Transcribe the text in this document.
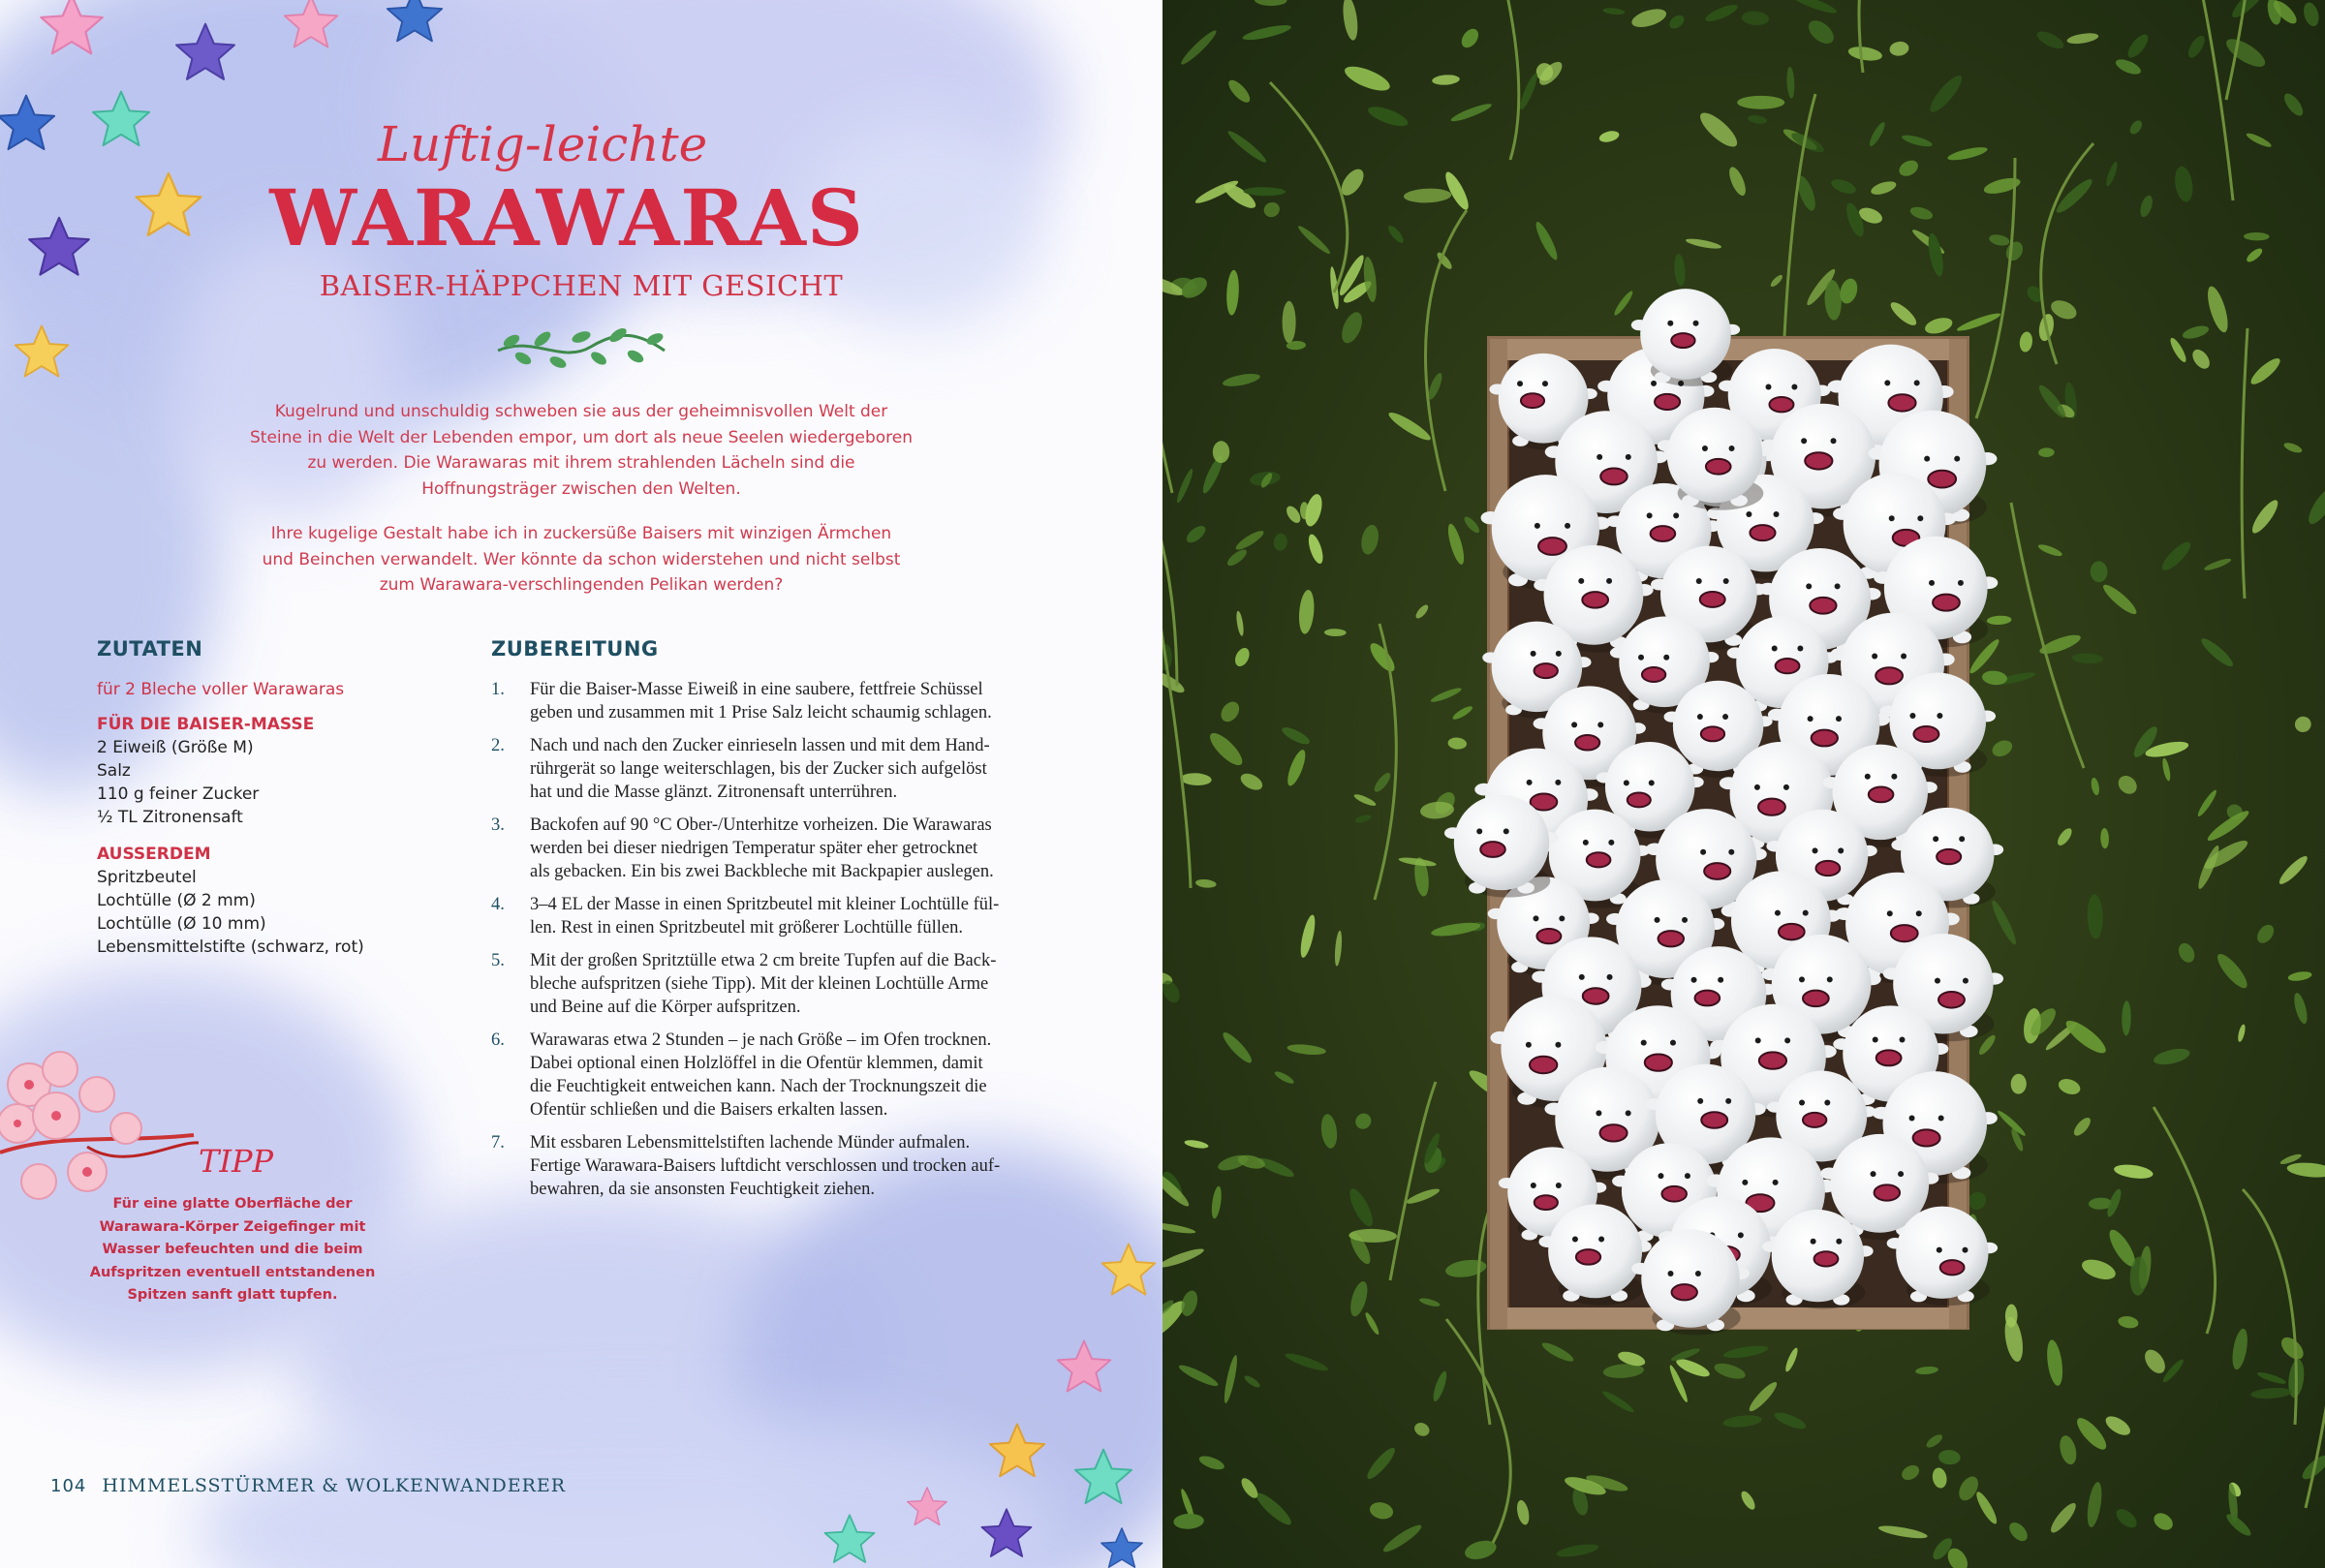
Luftig-leichte
WARAWARAS
BAISER-HÄPPCHEN MIT GESICHT

Kugelrund und unschuldig schweben sie aus der geheimnisvollen Welt der

Steine in die Welt der Lebenden empor, um dort als neue Seelen wiedergeboren

zu werden. Die Warawaras mit ihrem strahlenden Lächeln sind die

Hoffnungsträger zwischen den Welten.

Ihre kugelige Gestalt habe ich in zuckersüße Baisers mit winzigen Ärmchen

und Beinchen verwandelt. Wer könnte da schon widerstehen und nicht selbst

zum Warawara-verschlingenden Pelikan werden?

ZUTATEN
für 2 Bleche voller Warawaras
FÜR DIE BAISER-MASSE
2 Eiweiß (Größe M)
Salz
110 g feiner Zucker
½ TL Zitronensaft
AUSSERDEM
Spritzbeutel
Lochtülle (Ø 2 mm)
Lochtülle (Ø 10 mm)
Lebensmittelstifte (schwarz, rot)
ZUBEREITUNG
1. Für die Baiser-Masse Eiweiß in eine saubere, fettfreie Schüssel
geben und zusammen mit 1 Prise Salz leicht schaumig schlagen.
2. Nach und nach den Zucker einrieseln lassen und mit dem Hand-
rührgerät so lange weiterschlagen, bis der Zucker sich aufgelöst
hat und die Masse glänzt. Zitronensaft unterrühren.
3. Backofen auf 90 °C Ober-/Unterhitze vorheizen. Die Warawaras
werden bei dieser niedrigen Temperatur später eher getrocknet
als gebacken. Ein bis zwei Backbleche mit Backpapier auslegen.
4. 3–4 EL der Masse in einen Spritzbeutel mit kleiner Lochtülle fül-
len. Rest in einen Spritzbeutel mit größerer Lochtülle füllen.
5. Mit der großen Spritztülle etwa 2 cm breite Tupfen auf die Back-
bleche aufspritzen (siehe Tipp). Mit der kleinen Lochtülle Arme
und Beine auf die Körper aufspritzen.
6. Warawaras etwa 2 Stunden – je nach Größe – im Ofen trocknen.
Dabei optional einen Holzlöffel in die Ofentür klemmen, damit
die Feuchtigkeit entweichen kann. Nach der Trocknungszeit die
Ofentür schließen und die Baisers erkalten lassen.
7. Mit essbaren Lebensmittelstiften lachende Münder aufmalen.
Fertige Warawara-Baisers luftdicht verschlossen und trocken auf-
bewahren, da sie ansonsten Feuchtigkeit ziehen.
TIPP
Für eine glatte Oberfläche der
Warawara-Körper Zeigefinger mit
Wasser befeuchten und die beim
Aufspritzen eventuell entstandenen
Spitzen sanft glatt tupfen.
104 HIMMELSSTÜRMER & WOLKENWANDERER
